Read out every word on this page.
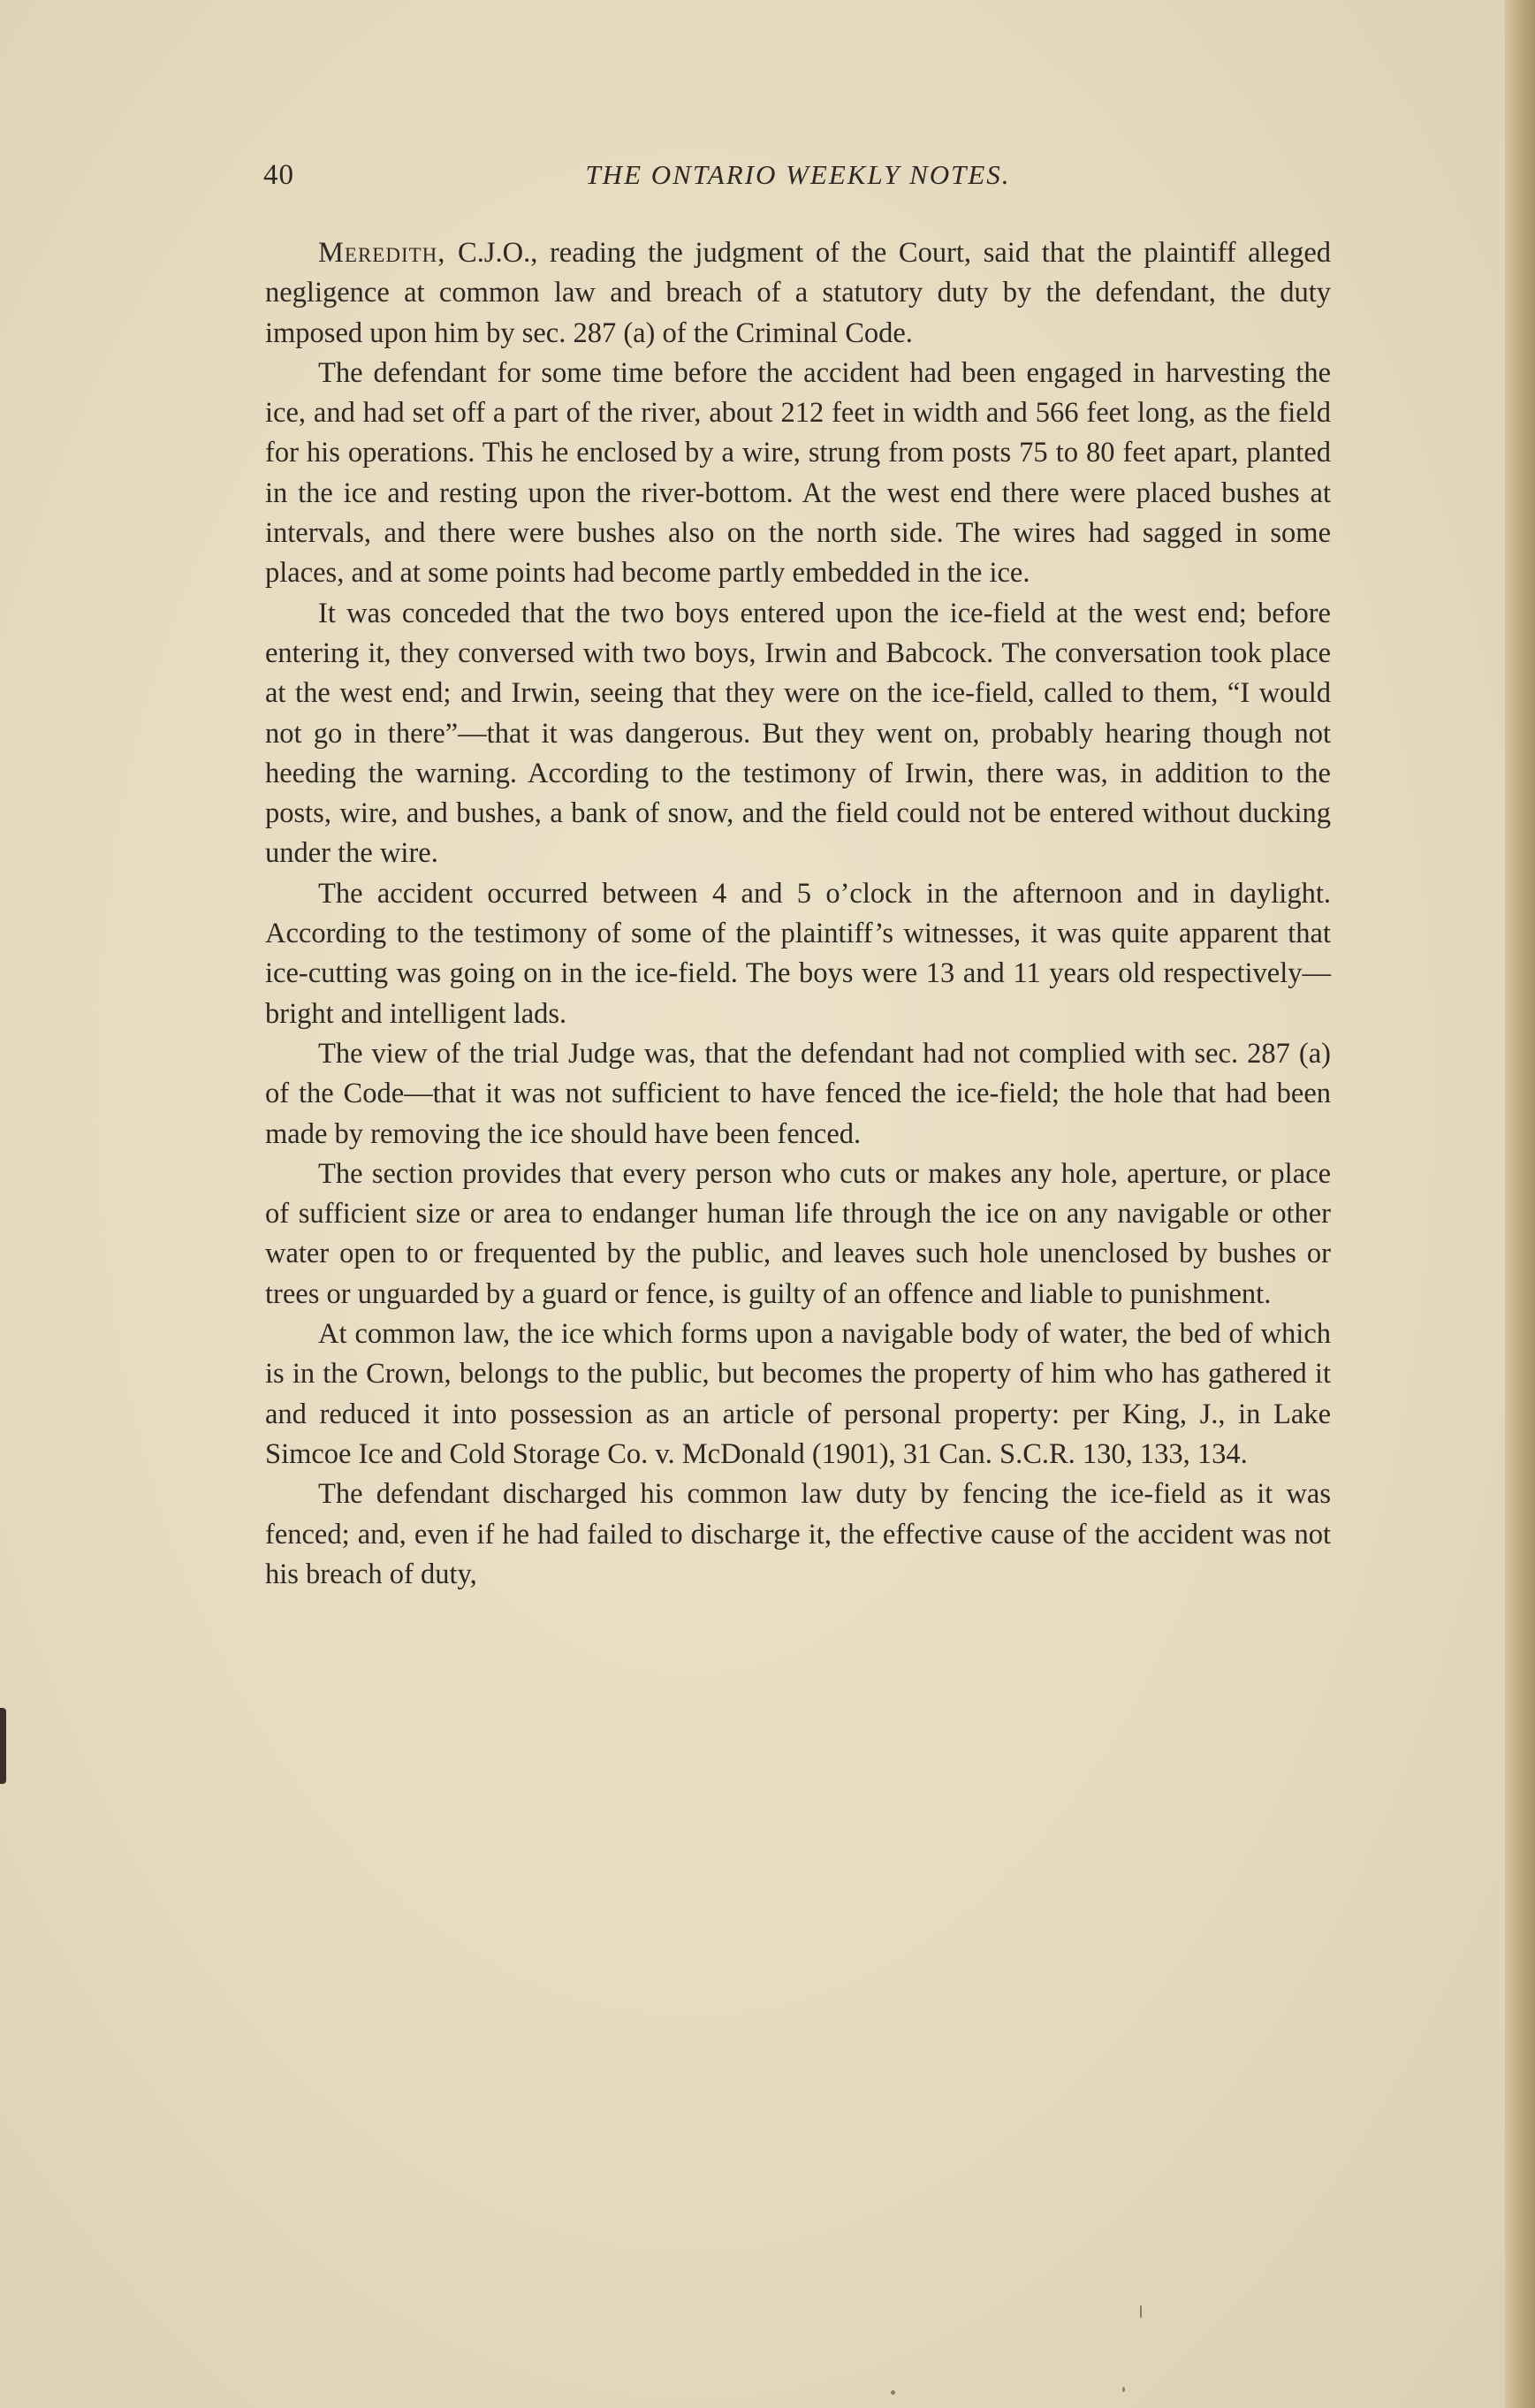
40	THE ONTARIO WEEKLY NOTES.

Meredith, C.J.O., reading the judgment of the Court, said that the plaintiff alleged negligence at common law and breach of a statutory duty by the defendant, the duty imposed upon him by sec. 287 (a) of the Criminal Code.

The defendant for some time before the accident had been engaged in harvesting the ice, and had set off a part of the river, about 212 feet in width and 566 feet long, as the field for his operations. This he enclosed by a wire, strung from posts 75 to 80 feet apart, planted in the ice and resting upon the river-bottom. At the west end there were placed bushes at intervals, and there were bushes also on the north side. The wires had sagged in some places, and at some points had become partly embedded in the ice.

It was conceded that the two boys entered upon the ice-field at the west end; before entering it, they conversed with two boys, Irwin and Babcock. The conversation took place at the west end; and Irwin, seeing that they were on the ice-field, called to them, “I would not go in there”—that it was dangerous. But they went on, probably hearing though not heeding the warning. According to the testimony of Irwin, there was, in addition to the posts, wire, and bushes, a bank of snow, and the field could not be entered without ducking under the wire.

The accident occurred between 4 and 5 o’clock in the afternoon and in daylight. According to the testimony of some of the plaintiff’s witnesses, it was quite apparent that ice-cutting was going on in the ice-field. The boys were 13 and 11 years old respectively—bright and intelligent lads.

The view of the trial Judge was, that the defendant had not complied with sec. 287 (a) of the Code—that it was not sufficient to have fenced the ice-field; the hole that had been made by removing the ice should have been fenced.

The section provides that every person who cuts or makes any hole, aperture, or place of sufficient size or area to endanger human life through the ice on any navigable or other water open to or frequented by the public, and leaves such hole unenclosed by bushes or trees or unguarded by a guard or fence, is guilty of an offence and liable to punishment.

At common law, the ice which forms upon a navigable body of water, the bed of which is in the Crown, belongs to the public, but becomes the property of him who has gathered it and reduced it into possession as an article of personal property: per King, J., in Lake Simcoe Ice and Cold Storage Co. v. McDonald (1901), 31 Can. S.C.R. 130, 133, 134.

The defendant discharged his common law duty by fencing the ice-field as it was fenced; and, even if he had failed to discharge it, the effective cause of the accident was not his breach of duty,
